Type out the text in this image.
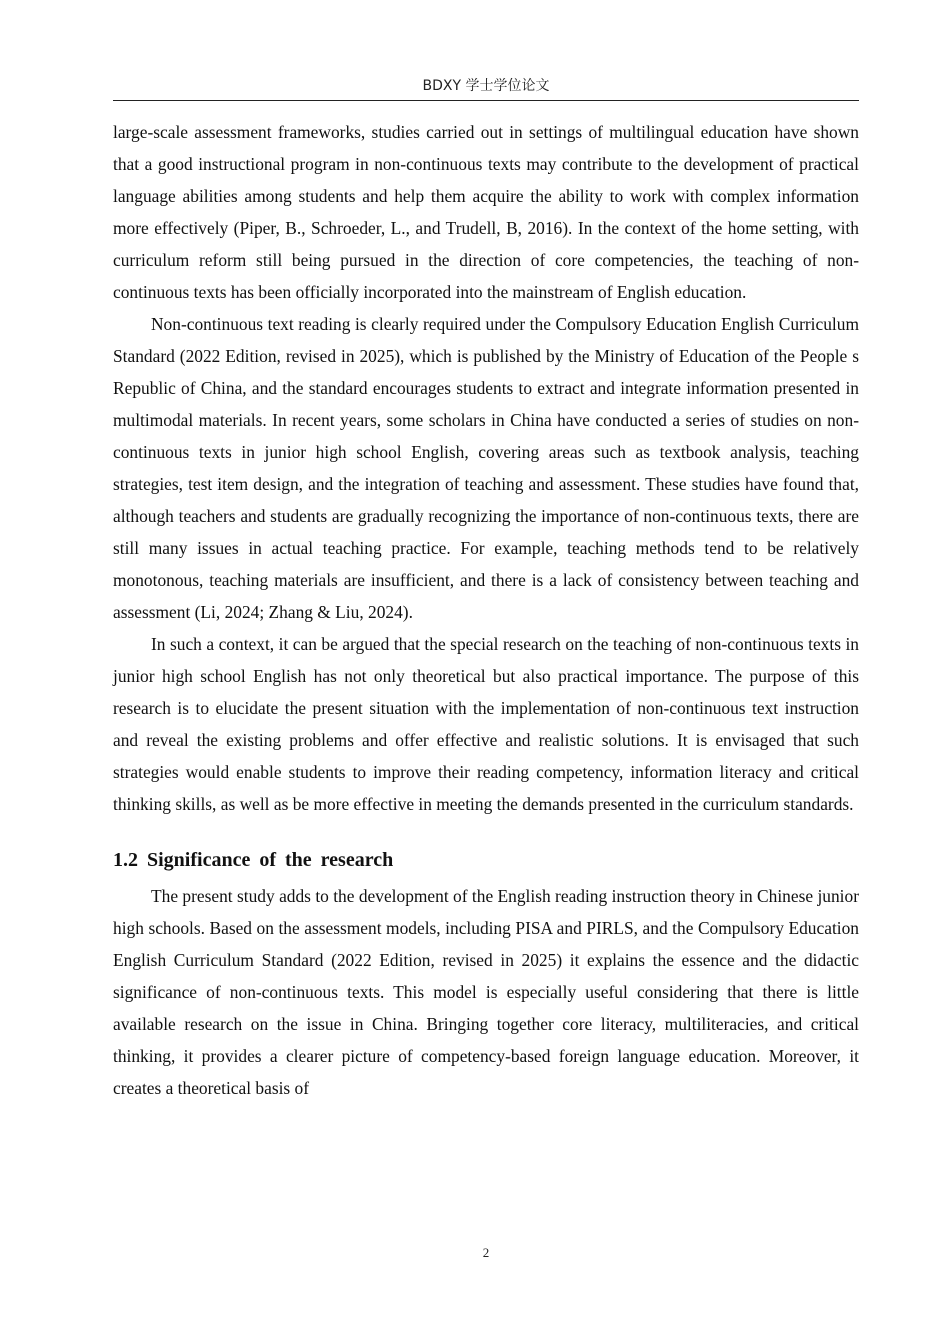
BDXY 学士学位论文

large-scale assessment frameworks, studies carried out in settings of multilingual education have shown that a good instructional program in non-continuous texts may contribute to the development of practical language abilities among students and help them acquire the ability to work with complex information more effectively (Piper, B., Schroeder, L., and Trudell, B, 2016). In the context of the home setting, with curriculum reform still being pursued in the direction of core competencies, the teaching of non-continuous texts has been officially incorporated into the mainstream of English education.

Non-continuous text reading is clearly required under the Compulsory Education English Curriculum Standard (2022 Edition, revised in 2025), which is published by the Ministry of Education of the People s Republic of China, and the standard encourages students to extract and integrate information presented in multimodal materials. In recent years, some scholars in China have conducted a series of studies on non-continuous texts in junior high school English, covering areas such as textbook analysis, teaching strategies, test item design, and the integration of teaching and assessment. These studies have found that, although teachers and students are gradually recognizing the importance of non-continuous texts, there are still many issues in actual teaching practice. For example, teaching methods tend to be relatively monotonous, teaching materials are insufficient, and there is a lack of consistency between teaching and assessment (Li, 2024; Zhang & Liu, 2024).

In such a context, it can be argued that the special research on the teaching of non-continuous texts in junior high school English has not only theoretical but also practical importance. The purpose of this research is to elucidate the present situation with the implementation of non-continuous text instruction and reveal the existing problems and offer effective and realistic solutions. It is envisaged that such strategies would enable students to improve their reading competency, information literacy and critical thinking skills, as well as be more effective in meeting the demands presented in the curriculum standards.

1.2 Significance of the research

The present study adds to the development of the English reading instruction theory in Chinese junior high schools. Based on the assessment models, including PISA and PIRLS, and the Compulsory Education English Curriculum Standard (2022 Edition, revised in 2025) it explains the essence and the didactic significance of non-continuous texts. This model is especially useful considering that there is little available research on the issue in China. Bringing together core literacy, multiliteracies, and critical thinking, it provides a clearer picture of competency-based foreign language education. Moreover, it creates a theoretical basis of

2
